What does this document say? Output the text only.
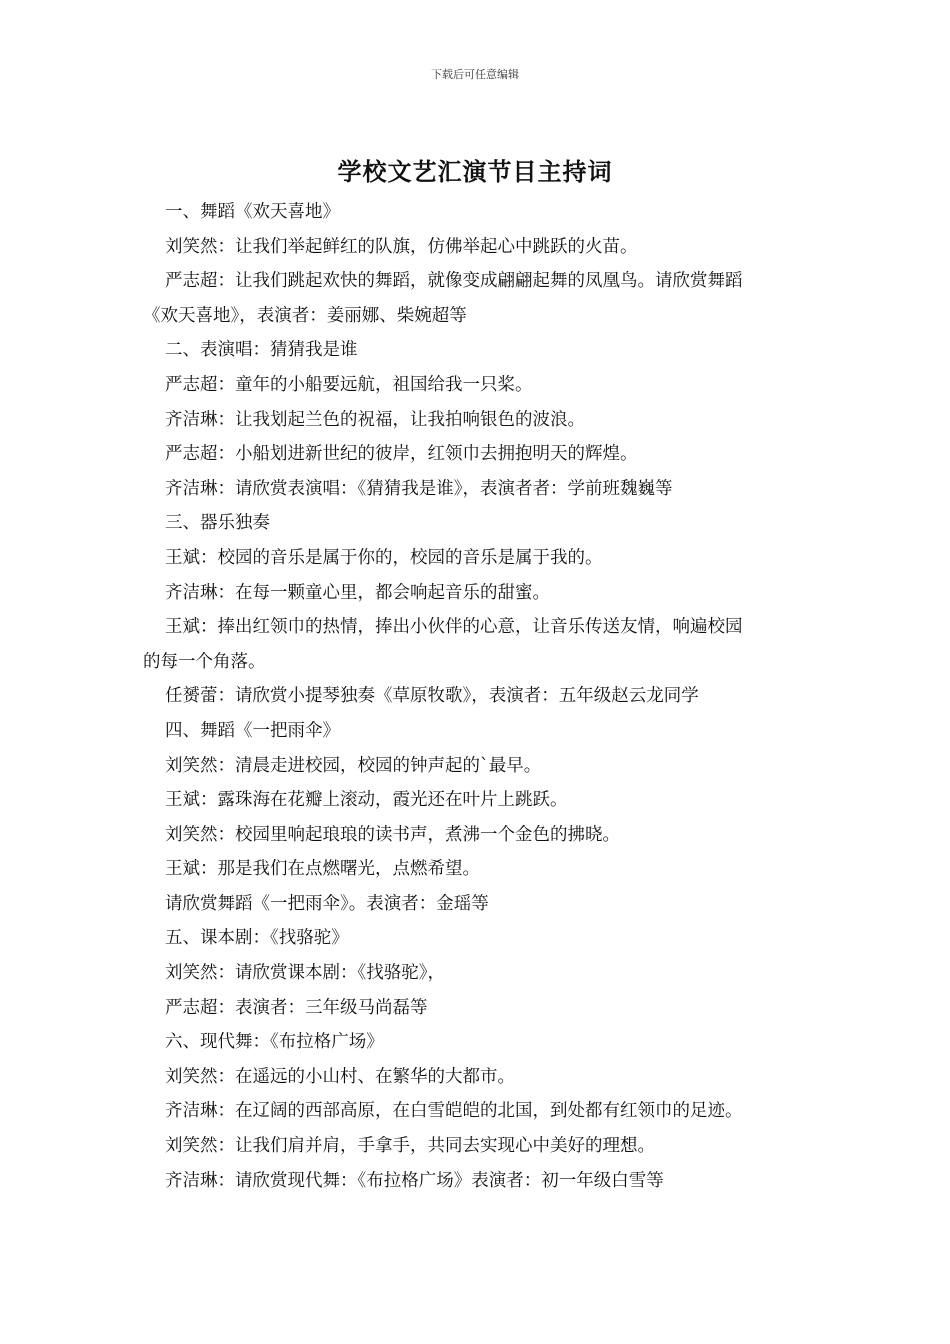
下载后可任意编辑
学校文艺汇演节目主持词
一、舞蹈《欢天喜地》
刘笑然：让我们举起鲜红的队旗，仿佛举起心中跳跃的火苗。
严志超：让我们跳起欢快的舞蹈，就像变成翩翩起舞的凤凰鸟。请欣赏舞蹈
《欢天喜地》，表演者：姜丽娜、柴婉超等
二、表演唱：猜猜我是谁
严志超：童年的小船要远航，祖国给我一只桨。
齐洁琳：让我划起兰色的祝福，让我拍响银色的波浪。
严志超：小船划进新世纪的彼岸，红领巾去拥抱明天的辉煌。
齐洁琳：请欣赏表演唱：《猜猜我是谁》，表演者者：学前班魏巍等
三、器乐独奏
王斌：校园的音乐是属于你的，校园的音乐是属于我的。
齐洁琳：在每一颗童心里，都会响起音乐的甜蜜。
王斌：捧出红领巾的热情，捧出小伙伴的心意，让音乐传送友情，响遍校园
的每一个角落。
任赟蕾：请欣赏小提琴独奏《草原牧歌》，表演者：五年级赵云龙同学
四、舞蹈《一把雨伞》
刘笑然：清晨走进校园，校园的钟声起的`最早。
王斌：露珠海在花瓣上滚动，霞光还在叶片上跳跃。
刘笑然：校园里响起琅琅的读书声，煮沸一个金色的拂晓。
王斌：那是我们在点燃曙光，点燃希望。
请欣赏舞蹈《一把雨伞》。表演者：金瑶等
五、课本剧：《找骆驼》
刘笑然：请欣赏课本剧：《找骆驼》，
严志超：表演者：三年级马尚磊等
六、现代舞：《布拉格广场》
刘笑然：在遥远的小山村、在繁华的大都市。
齐洁琳：在辽阔的西部高原，在白雪皑皑的北国，到处都有红领巾的足迹。
刘笑然：让我们肩并肩，手拿手，共同去实现心中美好的理想。
齐洁琳：请欣赏现代舞：《布拉格广场》表演者：初一年级白雪等
